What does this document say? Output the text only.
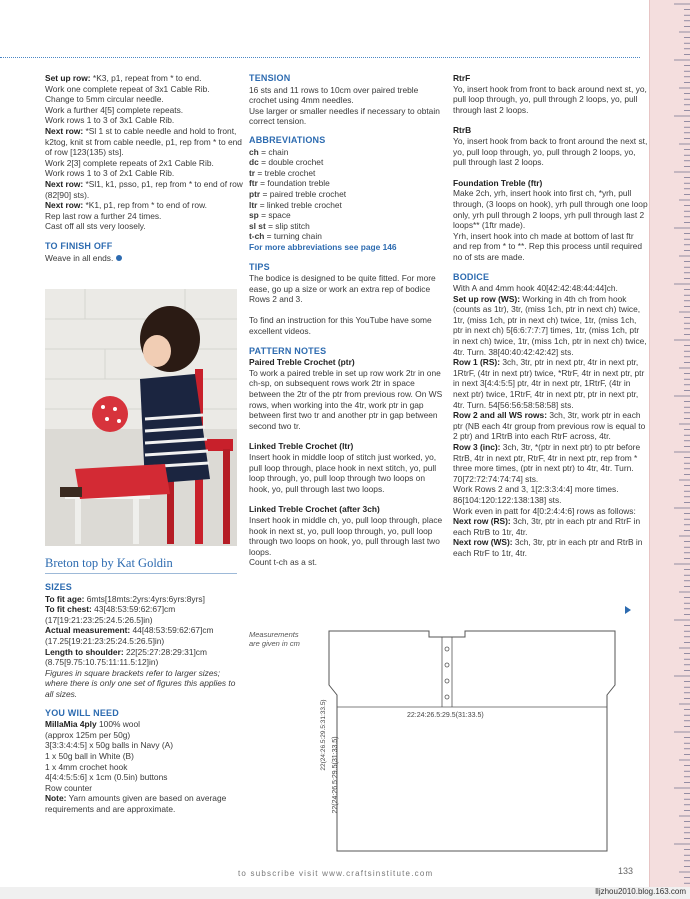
Set up row: *K3, p1, repeat from * to end.
Work one complete repeat of 3x1 Cable Rib.
Change to 5mm circular needle.
Work a further 4[5] complete repeats.
Work rows 1 to 3 of 3x1 Cable Rib.
Next row: *Sl 1 st to cable needle and hold to front, k2tog, knit st from cable needle, p1, rep from * to end of row [123(135) sts].
Work 2[3] complete repeats of 2x1 Cable Rib.
Work rows 1 to 3 of 2x1 Cable Rib.
Next row: *Sl1, k1, psso, p1, rep from * to end of row (82[90] sts).
Next row: *K1, p1, rep from * to end of row.
Rep last row a further 24 times.
Cast off all sts very loosely.
TO FINISH OFF
Weave in all ends.
Breton top by Kat Goldin
SIZES
To fit age: 6mts[18mts:2yrs:4yrs:6yrs:8yrs]
To fit chest: 43[48:53:59:62:67]cm
(17[19:21:23:25:24.5:26.5]in)
Actual measurement: 44[48:53:59:62:67]cm
(17.25[19:21:23:25:24.5:26.5]in)
Length to shoulder: 22[25:27:28:29:31]cm
(8.75[9.75:10.75:11:11.5:12]in)
Figures in square brackets refer to larger sizes; where there is only one set of figures this applies to all sizes.
YOU WILL NEED
MillaMia 4ply 100% wool
(approx 125m per 50g)
3[3:3:4:4:5] x 50g balls in Navy (A)
1 x 50g ball in White (B)
1 x 4mm crochet hook
4[4:4:5:5:6] x 1cm (0.5in) buttons
Row counter
Note: Yarn amounts given are based on average requirements and are approximate.
TENSION
16 sts and 11 rows to 10cm over paired treble crochet using 4mm needles.
Use larger or smaller needles if necessary to obtain correct tension.
ABBREVIATIONS
ch = chain
dc = double crochet
tr = treble crochet
ftr = foundation treble
ptr = paired treble crochet
ltr = linked treble crochet
sp = space
sl st = slip stitch
t-ch = turning chain
For more abbreviations see page 146
TIPS
The bodice is designed to be quite fitted. For more ease, go up a size or work an extra rep of bodice Rows 2 and 3.

To find an instruction for this YouTube have some excellent videos.
PATTERN NOTES
Paired Treble Crochet (ptr)
To work a paired treble in set up row work 2tr in one ch-sp, on subsequent rows work 2tr in space between the 2tr of the ptr from previous row. On WS rows, when working into the 4tr, work ptr in gap between first two tr and another ptr in gap between second two tr.
Linked Treble Crochet (ltr)
Insert hook in middle loop of stitch just worked, yo, pull loop through, place hook in next stitch, yo, pull loop through, yo, pull loop through two loops on hook, yo, pull through last two loops.
Linked Treble Crochet (after 3ch)
Insert hook in middle ch, yo, pull loop through, place hook in next st, yo, pull loop through, yo, pull loop through two loops on hook, yo, pull through last two loops.
Count t-ch as a st.
Measurements are given in cm
RtrF
Yo, insert hook from front to back around next st, yo, pull loop through, yo, pull through 2 loops, yo, pull through last 2 loops.
RtrB
Yo, insert hook from back to front around the next st, yo, pull loop through, yo, pull through 2 loops, yo, pull through last 2 loops.
Foundation Treble (ftr)
Make 2ch, yrh, insert hook into first ch, *yrh, pull through, (3 loops on hook), yrh pull through one loop only, yrh pull through 2 loops, yrh pull through last 2 loops** (1ftr made).
Yrh, insert hook into ch made at bottom of last ftr and rep from * to **. Rep this process until required no of sts are made.
BODICE
With A and 4mm hook 40[42:42:48:44:44]ch.
Set up row (WS): Working in 4th ch from hook (counts as 1tr), 3tr, (miss 1ch, ptr in next ch) twice, 1tr, (miss 1ch, ptr in next ch) twice, 1tr, (miss 1ch, ptr in next ch) 5[6:6:7:7:7] times, 1tr, (miss 1ch, ptr in next ch) twice, 1tr, (miss 1ch, ptr in next ch) twice, 4tr. Turn. 38[40:40:42:42:42] sts.
Row 1 (RS): 3ch, 3tr, ptr in next ptr, 4tr in next ptr, 1RtrF, (4tr in next ptr) twice, *RtrF, 4tr in next ptr, ptr in next 3[4:4:5:5] ptr, 4tr in next ptr, 1RtrF, (4tr in next ptr) twice, 1RtrF, 4tr in next ptr, ptr in next ptr, 4tr. Turn. 54[56:56:58:58:58] sts.
Row 2 and all WS rows: 3ch, 3tr, work ptr in each ptr (NB each 4tr group from previous row is equal to 2 ptr) and 1RtrB into each RtrF across, 4tr.
Row 3 (inc): 3ch, 3tr, *(ptr in next ptr) to ptr before RtrB, 4tr in next ptr, RtrF, 4tr in next ptr, rep from * three more times, (ptr in next ptr) to 4tr, 4tr. Turn. 70[72:72:74:74:74] sts.
Work Rows 2 and 3, 1[2:3:3:4:4] more times. 86[104:120:122:138:138] sts.
Work even in patt for 4[0:2:4:4:6] rows as follows:
Next row (RS): 3ch, 3tr, ptr in each ptr and RtrF in each RtrB to 1tr, 4tr.
Next row (WS): 3ch, 3tr, ptr in each ptr and RtrB in each RtrF to 1tr, 4tr.
22:24:26.5:29.5(31:33.5)
22(24:26.5:29.5(31:33.5)
22(24:26.5:29.5:31:33.5)
to subscribe visit www.craftsinstitute.com	133
lljzhou2010.blog.163.com
